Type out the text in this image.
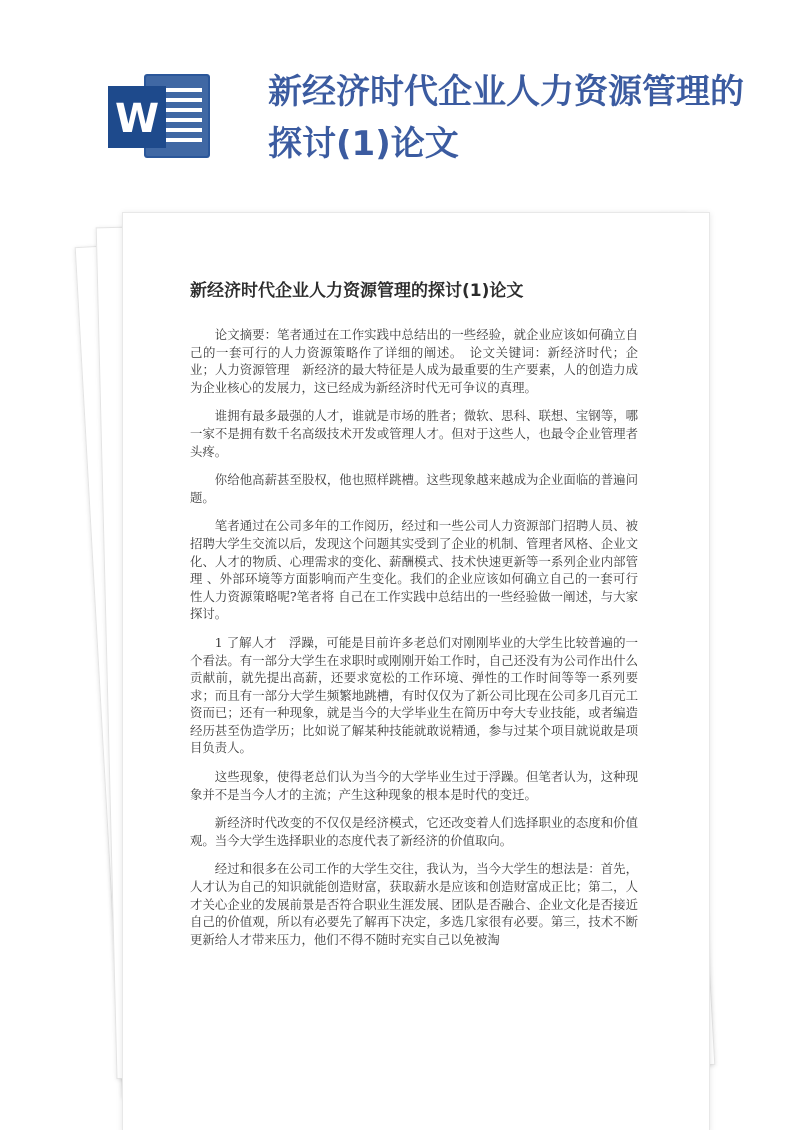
W
新经济时代企业人力资源管理的探讨(1)论文
新经济时代企业人力资源管理的探讨(1)论文

论文摘要：笔者通过在工作实践中总结出的一些经验，就企业应该如何确立自己的一套可行的人力资源策略作了详细的阐述。　论文关键词：新经济时代；企业；人力资源管理　新经济的最大特征是人成为最重要的生产要素，人的创造力成为企业核心的发展力，这已经成为新经济时代无可争议的真理。

谁拥有最多最强的人才，谁就是市场的胜者；微软、思科、联想、宝钢等，哪一家不是拥有数千名高级技术开发或管理人才。但对于这些人，也最令企业管理者头疼。

你给他高薪甚至股权，他也照样跳槽。这些现象越来越成为企业面临的普遍问题。

笔者通过在公司多年的工作阅历，经过和一些公司人力资源部门招聘人员、被招聘大学生交流以后，发现这个问题其实受到了企业的机制、管理者风格、企业文化、人才的物质、心理需求的变化、薪酬模式、技术快速更新等一系列企业内部管理 、外部环境等方面影响而产生变化。我们的企业应该如何确立自己的一套可行性人力资源策略呢?笔者将 自己在工作实践中总结出的一些经验做一阐述，与大家探讨。

1 了解人才　浮躁，可能是目前许多老总们对刚刚毕业的大学生比较普遍的一个看法。有一部分大学生在求职时或刚刚开始工作时，自己还没有为公司作出什么贡献前，就先提出高薪，还要求宽松的工作环境、弹性的工作时间等等一系列要求；而且有一部分大学生频繁地跳槽，有时仅仅为了新公司比现在公司多几百元工资而已；还有一种现象，就是当今的大学毕业生在简历中夸大专业技能，或者编造经历甚至伪造学历；比如说了解某种技能就敢说精通，参与过某个项目就说敢是项目负责人。

这些现象，使得老总们认为当今的大学毕业生过于浮躁。但笔者认为，这种现象并不是当今人才的主流；产生这种现象的根本是时代的变迁。

新经济时代改变的不仅仅是经济模式，它还改变着人们选择职业的态度和价值观。当今大学生选择职业的态度代表了新经济的价值取向。

经过和很多在公司工作的大学生交往，我认为，当今大学生的想法是：首先，人才认为自己的知识就能创造财富，获取薪水是应该和创造财富成正比；第二，人才关心企业的发展前景是否符合职业生涯发展、团队是否融合、企业文化是否接近自己的价值观，所以有必要先了解再下决定，多选几家很有必要。第三，技术不断更新给人才带来压力，他们不得不随时充实自己以免被淘
